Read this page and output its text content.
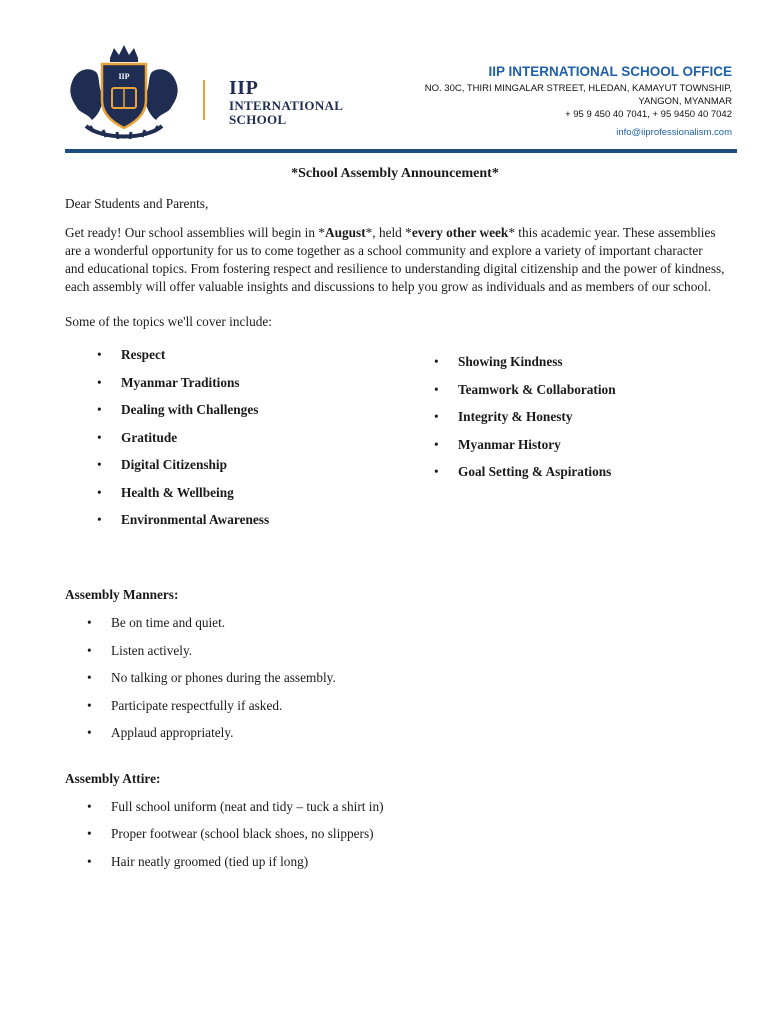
IIP
IIP
INTERNATIONAL
SCHOOL
IIP INTERNATIONAL SCHOOL OFFICE
NO. 30C, THIRI MINGALAR STREET, HLEDAN, KAMAYUT TOWNSHIP,
YANGON, MYANMAR
+ 95 9 450 40 7041, + 95 9450 40 7042
info@iiprofessionalism.com
*School Assembly Announcement*
Dear Students and Parents,
Get ready! Our school assemblies will begin in *August*, held *every other week* this academic year. These assemblies are a wonderful opportunity for us to come together as a school community and explore a variety of important character and educational topics. From fostering respect and resilience to understanding digital citizenship and the power of kindness, each assembly will offer valuable insights and discussions to help you grow as individuals and as members of our school.
Some of the topics we'll cover include:
• Respect
• Myanmar Traditions
• Dealing with Challenges
• Gratitude
• Digital Citizenship
• Health & Wellbeing
• Environmental Awareness
• Showing Kindness
• Teamwork & Collaboration
• Integrity & Honesty
• Myanmar History
• Goal Setting & Aspirations
Assembly Manners:
• Be on time and quiet.
• Listen actively.
• No talking or phones during the assembly.
• Participate respectfully if asked.
• Applaud appropriately.
Assembly Attire:
• Full school uniform (neat and tidy – tuck a shirt in)
• Proper footwear (school black shoes, no slippers)
• Hair neatly groomed (tied up if long)
